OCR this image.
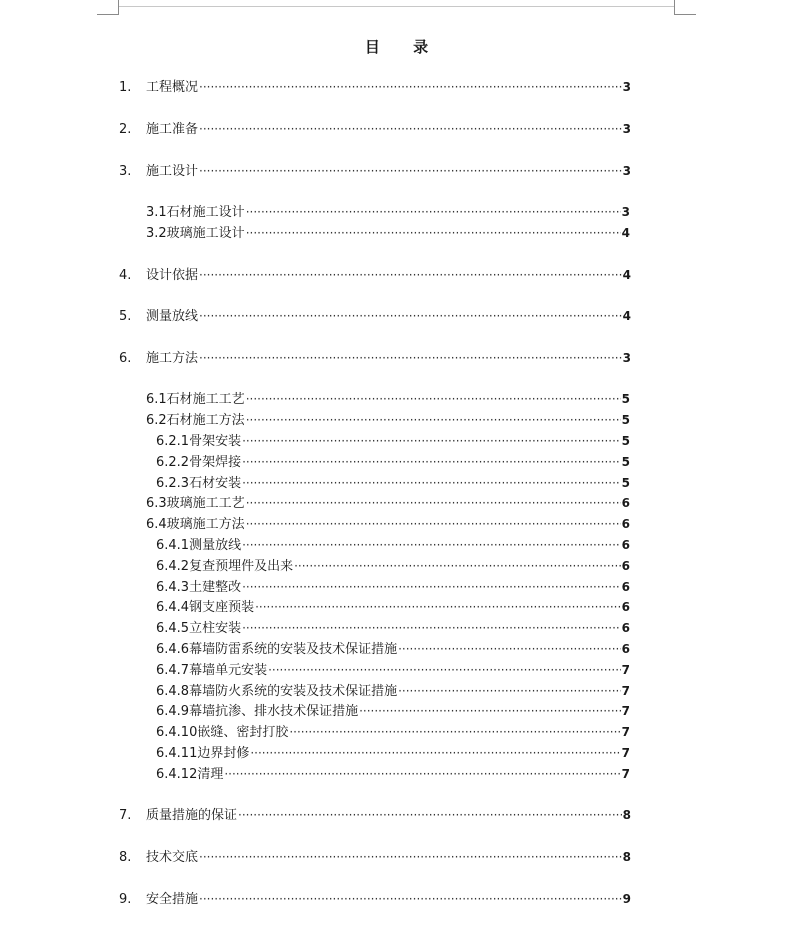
目 录
1.	工程概况 ·····	3
2.	施工准备 ·····	3
3.	施工设计 ·····	3
3.1石材施工设计 ·····	3
3.2玻璃施工设计 ·····	4
4.	设计依据 ·····	4
5.	测量放线 ·····	4
6.	施工方法 ·····	3
6.1石材施工工艺 ·····	5
6.2石材施工方法 ·····	5
6.2.1骨架安装 ·····	5
6.2.2骨架焊接 ·····	5
6.2.3石材安装 ·····	5
6.3玻璃施工工艺 ·····	6
6.4玻璃施工方法 ·····	6
6.4.1测量放线 ·····	6
6.4.2复查预埋件及出来 ·····	6
6.4.3土建整改 ·····	6
6.4.4钢支座预装 ·····	6
6.4.5立柱安装 ·····	6
6.4.6幕墙防雷系统的安装及技术保证措施 ·····	6
6.4.7幕墙单元安装 ·····	7
6.4.8幕墙防火系统的安装及技术保证措施 ·····	7
6.4.9幕墙抗渗、排水技术保证措施 ·····	7
6.4.10嵌缝、密封打胶 ·····	7
6.4.11边界封修 ·····	7
6.4.12清理 ·····	7
7.	质量措施的保证 ·····	8
8.	技术交底 ·····	8
9.	安全措施 ·····	9
